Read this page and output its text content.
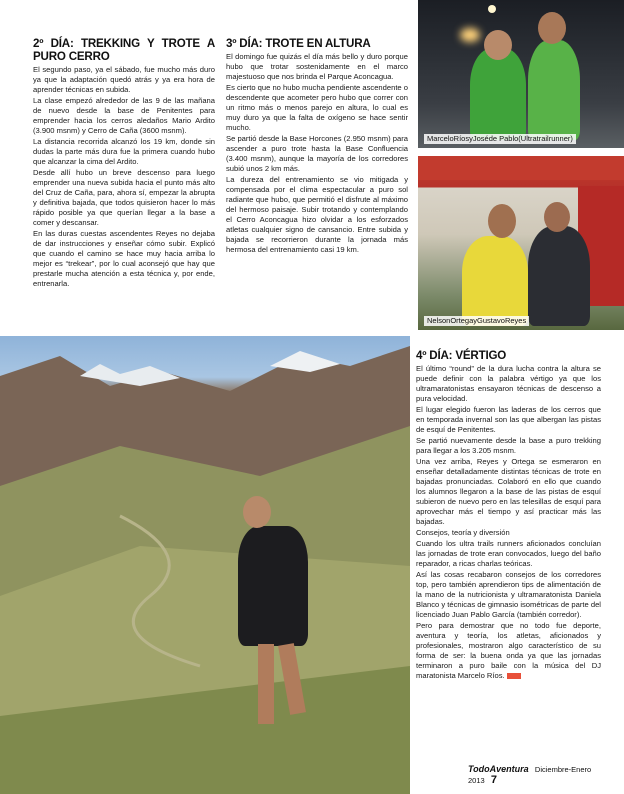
2º DÍA: TREKKING Y TROTE A PURO CERRO

El segundo paso, ya el sábado, fue mucho más duro ya que la adaptación quedó atrás y ya era hora de aprender técnicas en subida.

La clase empezó alrededor de las 9 de las mañana de nuevo desde la base de Penitentes para emprender hacia los cerros aledaños Mario Ardito (3.900 msnm) y Cerro de Caña (3600 msnm).

La distancia recorrida alcanzó los 19 km, donde sin dudas la parte más dura fue la primera cuando hubo que alcanzar la cima del Ardito.

Desde allí hubo un breve descenso para luego emprender una nueva subida hacia el punto más alto del Cruz de Caña, para, ahora sí, empezar la abrupta y definitiva bajada, que todos quisieron hacer lo más rápido posible ya que querían llegar a la base a comer y descansar.

En las duras cuestas ascendentes Reyes no dejaba de dar instrucciones y enseñar cómo subir. Explicó que cuando el camino se hace muy hacia arriba lo mejor es “trekear”, por lo cual aconsejó que hay que prestarle mucha atención a esta técnica y, por ende, entrenarla.

3º DÍA: TROTE EN ALTURA

El domingo fue quizás el día más bello y duro porque hubo que trotar sostenidamente en el marco majestuoso que nos brinda el Parque Aconcagua.

Es cierto que no hubo mucha pendiente ascendente o descendente que acometer pero hubo que correr con un ritmo más o menos parejo en altura, lo cual es muy duro ya que la falta de oxígeno se hace sentir mucho.

Se partió desde la Base Horcones (2.950 msnm) para ascender a puro trote hasta la Base Confluencia (3.400 msnm), aunque la mayoría de los corredores subió unos 2 km más.

La dureza del entrenamiento se vio mitigada y compensada por el clima espectacular a puro sol radiante que hubo, que permitió el disfrute al máximo del hermoso paisaje. Subir trotando y contemplando el Cerro Aconcagua hizo olvidar a los esforzados atletas cualquier signo de cansancio. Entre subida y bajada se recorrieron durante la jornada más hermosa del entrenamiento casi 19 km.

MarceloRíosyJoséde Pablo(Ultratrailrunner)
NelsonOrtegayGustavoReyes
4º DÍA: VÉRTIGO

El último “round” de la dura lucha contra la altura se puede definir con la palabra vértigo ya que los ultramaratonistas ensayaron técnicas de descenso a pura velocidad.

El lugar elegido fueron las laderas de los cerros que en temporada invernal son las que albergan las pistas de esquí de Penitentes.

Se partió nuevamente desde la base a puro trekking para llegar a los 3.205 msnm.

Una vez arriba, Reyes y Ortega se esmeraron en enseñar detalladamente distintas técnicas de trote en bajadas pronunciadas. Colaboró en ello que cuando los alumnos llegaron a la base de las pistas de esquí subieron de nuevo pero en las telesillas de esquí para aprovechar más el tiempo y así practicar más las bajadas.

Consejos, teoría y diversión

Cuando los ultra trails runners aficionados concluían las jornadas de trote eran convocados, luego del baño reparador, a ricas charlas teóricas.

Así las cosas recabaron consejos de los corredores top, pero también aprendieron tips de alimentación de la mano de la nutricionista y ultramaratonista Daniela Blanco y técnicas de gimnasio isométricas de parte del licenciado Juan Pablo García (también corredor).

Pero para demostrar que no todo fue deporte, aventura y teoría, los atletas, aficionados y profesionales, mostraron algo característico de su forma de ser: la buena onda ya que las jornadas terminaron a puro baile con la música del DJ maratonista Marcelo Ríos.

TodoAventura Diciembre-Enero 2013 7
